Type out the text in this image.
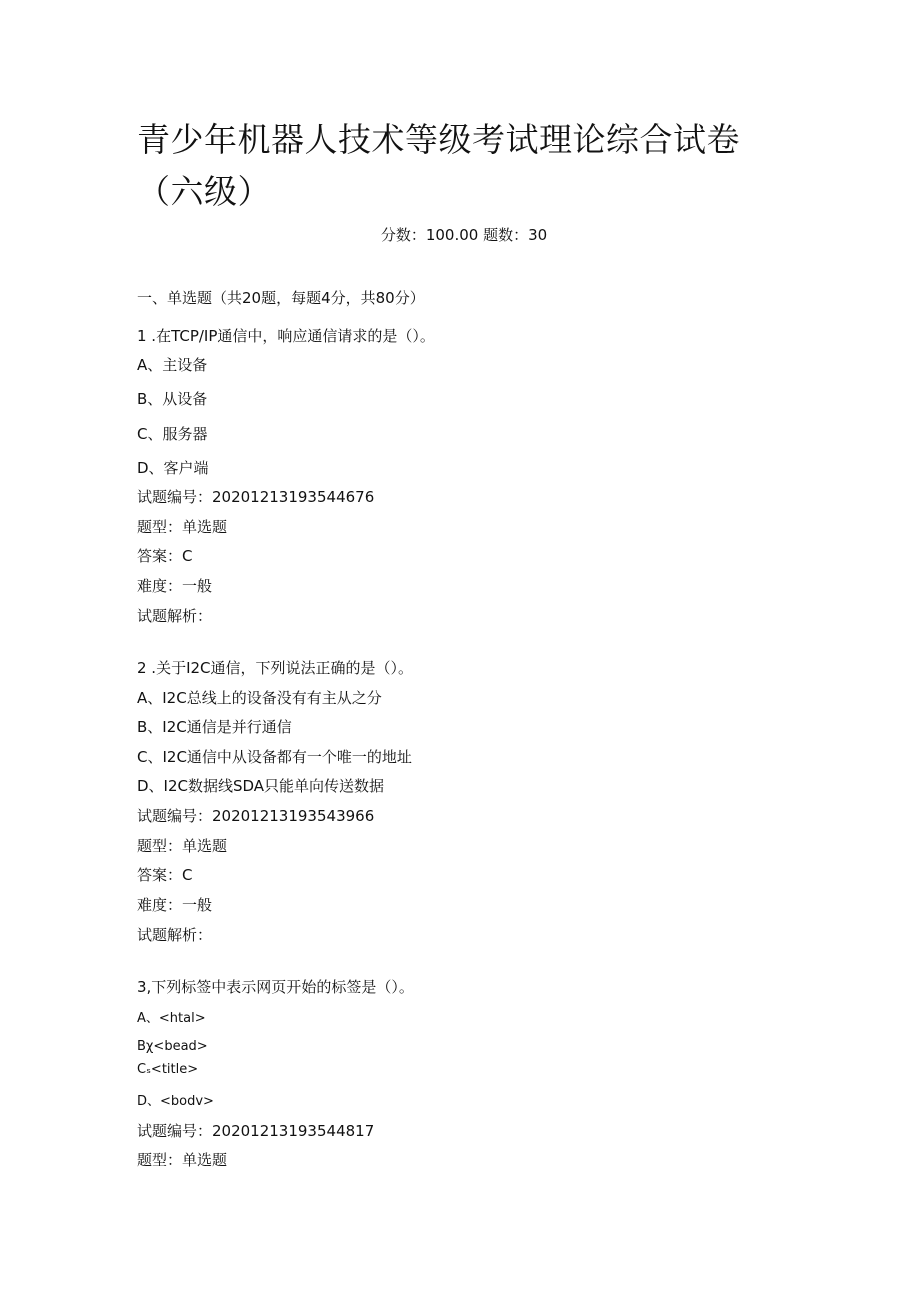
青少年机器人技术等级考试理论综合试卷（六级）
分数：100.00 题数：30
一、单选题（共20题，每题4分，共80分）
1 .在TCP/IP通信中，响应通信请求的是（）。
A、主设备
B、从设备
C、服务器
D、客户端
试题编号：20201213193544676
题型：单选题
答案：C
难度：一般
试题解析：
2 .关于I2C通信，下列说法正确的是（）。
A、I2C总线上的设备没有有主从之分
B、I2C通信是并行通信
C、I2C通信中从设备都有一个唯一的地址
D、I2C数据线SDA只能单向传送数据
试题编号：20201213193543966
题型：单选题
答案：C
难度：一般
试题解析：
3,下列标签中表示网页开始的标签是（）。
A、<htal>
Bχ<bead>
Cₛ<title>
D、<bodv>
试题编号：20201213193544817
题型：单选题
